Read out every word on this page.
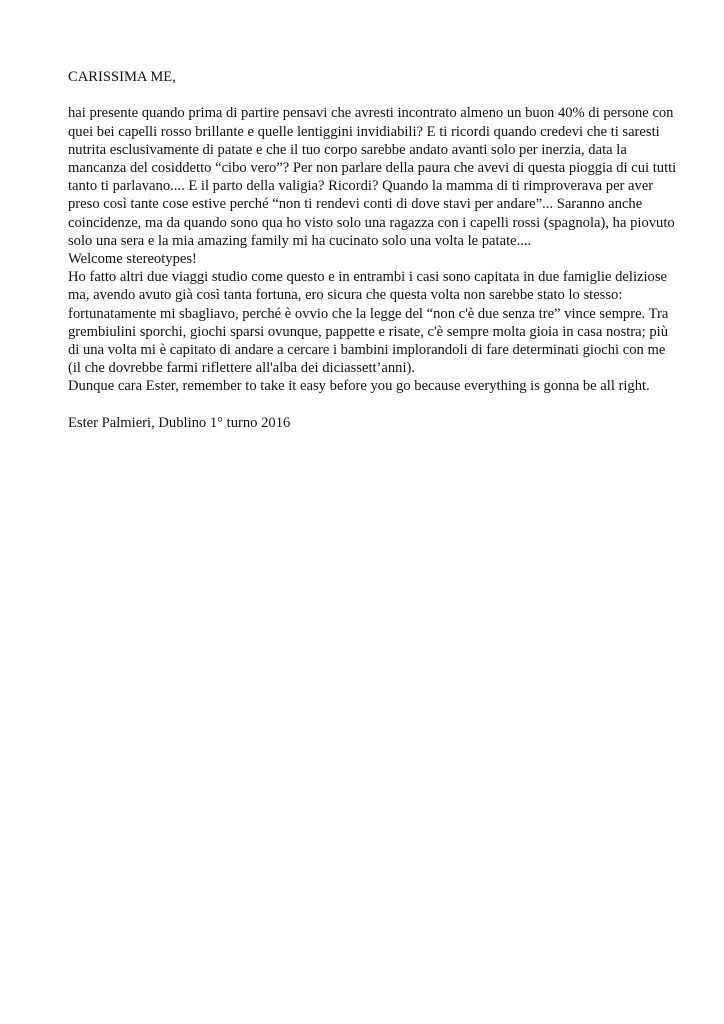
CARISSIMA ME,

hai presente quando prima di partire pensavi che avresti incontrato almeno un buon 40% di persone con quei bei capelli rosso brillante e quelle lentiggini invidiabili? E ti ricordi quando credevi che ti saresti nutrita esclusivamente di patate e che il tuo corpo sarebbe andato avanti solo per inerzia, data la mancanza del cosiddetto “cibo vero”? Per non parlare della paura che avevi di questa pioggia di cui tutti tanto ti parlavano.... E il parto della valigia? Ricordi? Quando la mamma di ti rimproverava per aver preso così tante cose estive perché “non ti rendevi conti di dove stavi per andare”... Saranno anche coincidenze, ma da quando sono qua ho visto solo una ragazza con i capelli rossi (spagnola), ha piovuto solo una sera e la mia amazing family mi ha cucinato solo una volta le patate....

Welcome stereotypes!

Ho fatto altri due viaggi studio come questo e in entrambi i casi sono capitata in due famiglie deliziose ma, avendo avuto già così tanta fortuna, ero sicura che questa volta non sarebbe stato lo stesso: fortunatamente mi sbagliavo, perché è ovvio che la legge del “non c'è due senza tre” vince sempre. Tra grembiulini sporchi, giochi sparsi ovunque, pappette e risate, c'è sempre molta gioia in casa nostra; più di una volta mi è capitato di andare a cercare i bambini implorandoli di fare determinati giochi con me (il che dovrebbe farmi riflettere all'alba dei diciassett’anni).

Dunque cara Ester, remember to take it easy before you go because everything is gonna be all right.

Ester Palmieri, Dublino 1° turno 2016
